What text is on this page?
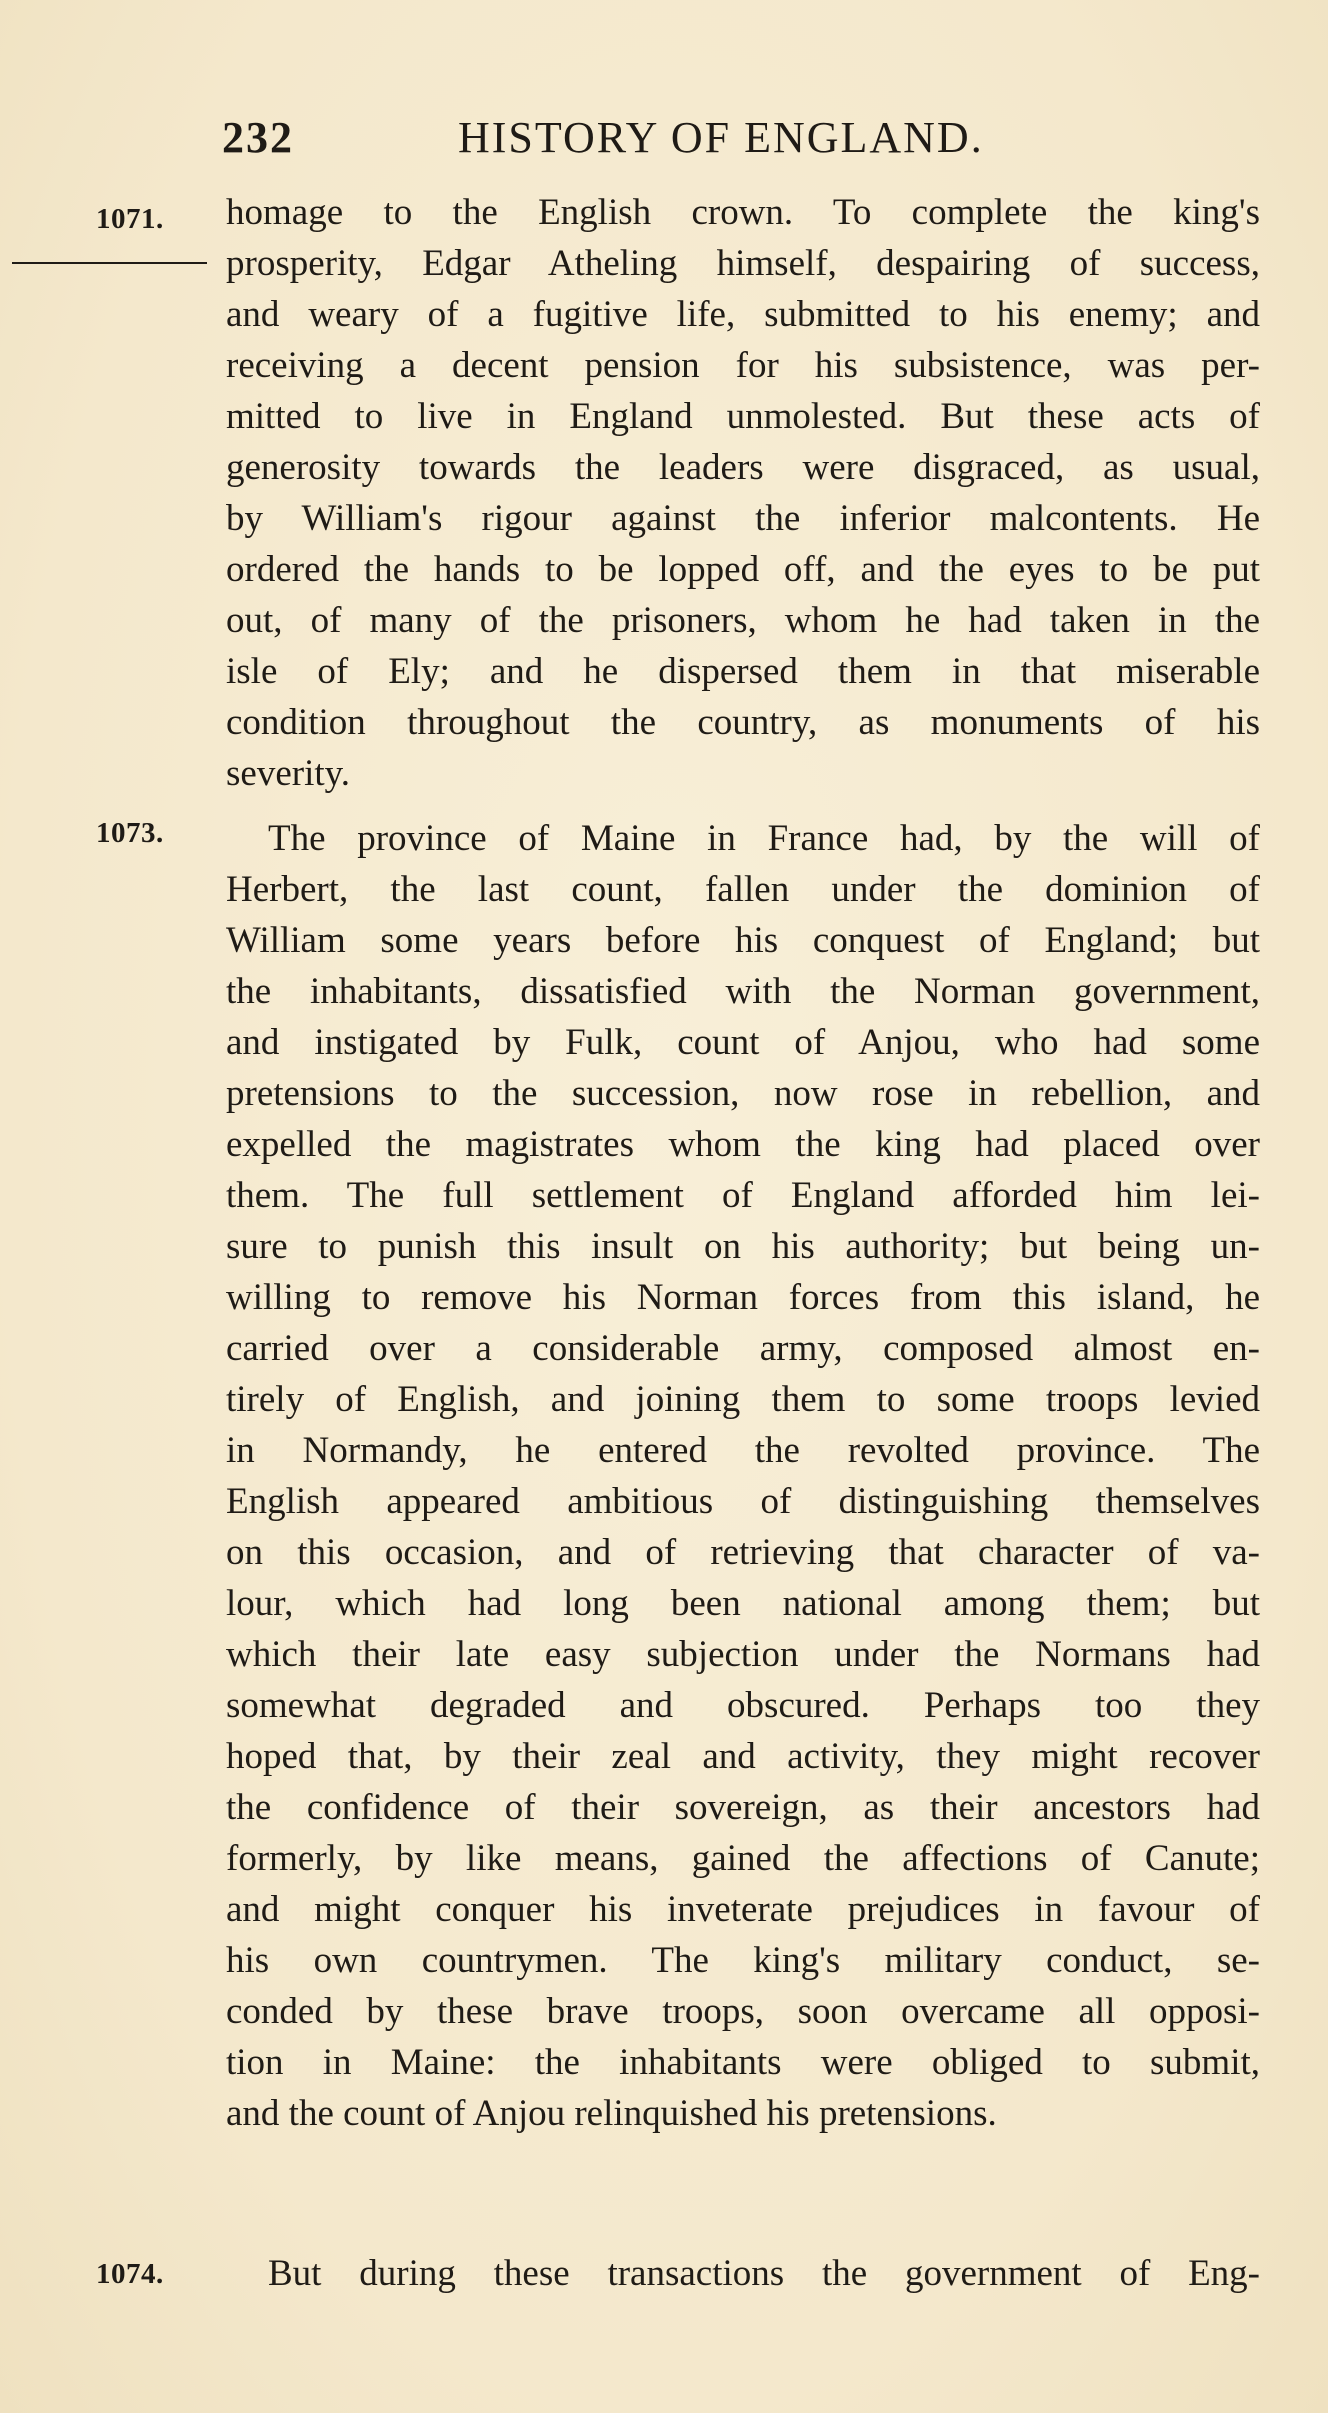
232	HISTORY OF ENGLAND.
1071.
1073.
1074.
homage to the English crown. To complete the king's
prosperity, Edgar Atheling himself, despairing of success,
and weary of a fugitive life, submitted to his enemy; and
receiving a decent pension for his subsistence, was per-
mitted to live in England unmolested. But these acts of
generosity towards the leaders were disgraced, as usual,
by William's rigour against the inferior malcontents. He
ordered the hands to be lopped off, and the eyes to be put
out, of many of the prisoners, whom he had taken in the
isle of Ely; and he dispersed them in that miserable
condition throughout the country, as monuments of his
severity.
The province of Maine in France had, by the will of
Herbert, the last count, fallen under the dominion of
William some years before his conquest of England; but
the inhabitants, dissatisfied with the Norman government,
and instigated by Fulk, count of Anjou, who had some
pretensions to the succession, now rose in rebellion, and
expelled the magistrates whom the king had placed over
them. The full settlement of England afforded him lei-
sure to punish this insult on his authority; but being un-
willing to remove his Norman forces from this island, he
carried over a considerable army, composed almost en-
tirely of English, and joining them to some troops levied
in Normandy, he entered the revolted province. The
English appeared ambitious of distinguishing themselves
on this occasion, and of retrieving that character of va-
lour, which had long been national among them; but
which their late easy subjection under the Normans had
somewhat degraded and obscured. Perhaps too they
hoped that, by their zeal and activity, they might recover
the confidence of their sovereign, as their ancestors had
formerly, by like means, gained the affections of Canute;
and might conquer his inveterate prejudices in favour of
his own countrymen. The king's military conduct, se-
conded by these brave troops, soon overcame all opposi-
tion in Maine: the inhabitants were obliged to submit,
and the count of Anjou relinquished his pretensions.
But during these transactions the government of Eng-
